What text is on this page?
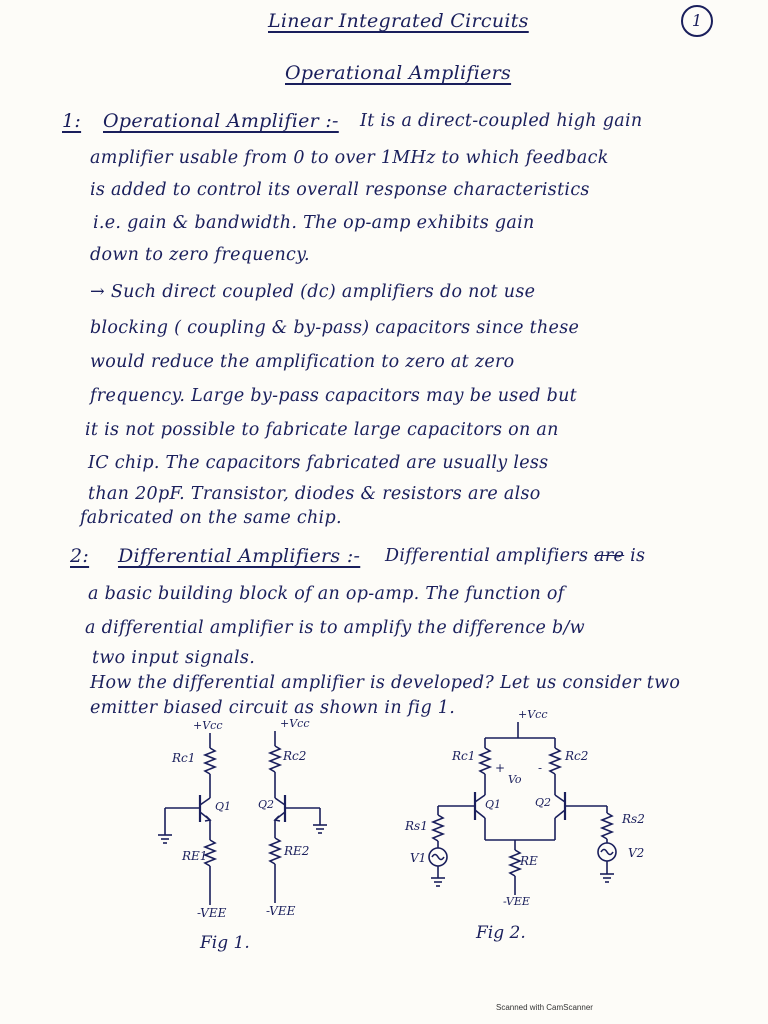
Linear Integrated Circuits	1
Operational Amplifiers
1: Operational Amplifier :- It is a direct-coupled high gain
amplifier usable from 0 to over 1MHz to which feedback
is added to control its overall response characteristics
i.e. gain & bandwidth. The op-amp exhibits gain
down to zero frequency.
→ Such direct coupled (dc) amplifiers do not use
blocking ( coupling & by-pass) capacitors since these
would reduce the amplification to zero at zero
frequency. Large by-pass capacitors may be used but
it is not possible to fabricate large capacitors on an
IC chip. The capacitors fabricated are usually less
than 20pF. Transistor, diodes & resistors are also
fabricated on the same chip.
2: Differential Amplifiers :- Differential amplifiers are is
a basic building block of an op-amp. The function of
a differential amplifier is to amplify the difference b/w
two input signals.
How the differential amplifier is developed? Let us consider two
emitter biased circuit as shown in fig 1.
+Vcc
Rc1
Q1
RE1
-VEE
+Vcc
Rc2
Q2
RE2
-VEE
Fig 1.
+Vcc
Rc1	Rc2
+
Vo
-
Q1	Q2
RE
-VEE
Rs1
V1
Rs2
V2
Fig 2.
Scanned with CamScanner
